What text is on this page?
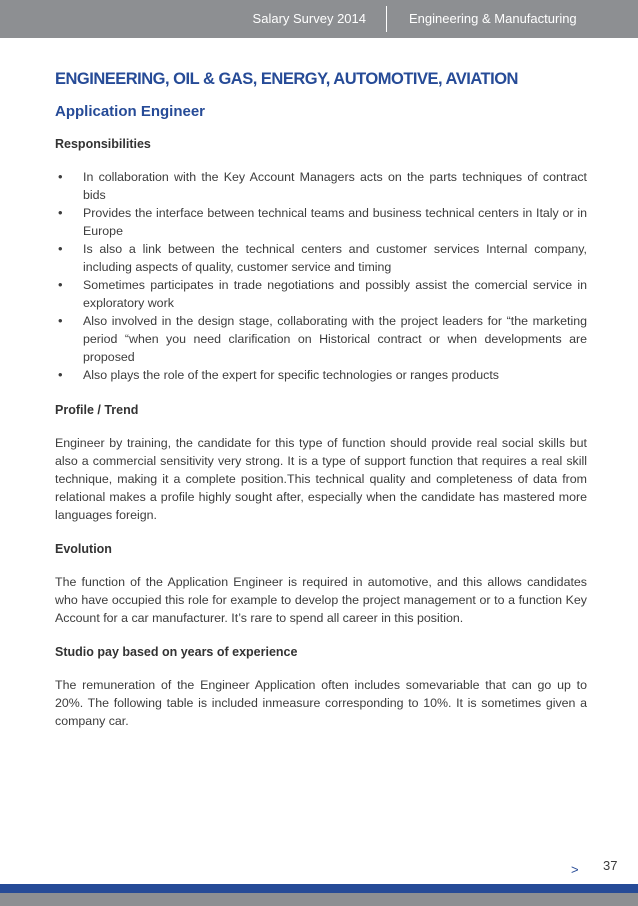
Salary Survey 2014	Engineering & Manufacturing
ENGINEERING, OIL & GAS, ENERGY, AUTOMOTIVE, AVIATION
Application Engineer

Responsibilities

• In collaboration with the Key Account Managers acts on the parts techniques of contract bids
• Provides the interface between technical teams and business technical centers in Italy or in Europe
• Is also a link between the technical centers and customer services Internal company, including aspects of quality, customer service and timing
• Sometimes participates in trade negotiations and possibly assist the comercial service in exploratory work
• Also involved in the design stage, collaborating with the project leaders for “the marketing period “when you need clarification on Historical contract or when developments are proposed
• Also plays the role of the expert for specific technologies or ranges products

Profile / Trend

Engineer by training, the candidate for this type of function should provide real social skills but also a commercial sensitivity very strong. It is a type of support function that requires a real skill technique, making it a complete position.This technical quality and completeness of data from relational makes a profile highly sought after, especially when the candidate has mastered more languages foreign.

Evolution

The function of the Application Engineer is required in automotive, and this allows candidates who have occupied this role for example to develop the project management or to a function Key Account for a car manufacturer. It’s rare to spend all career in this position.

Studio pay based on years of experience

The remuneration of the Engineer Application often includes somevariable that can go up to 20%. The following table is included inmeasure corresponding to 10%. It is sometimes given a company car.

> 37
